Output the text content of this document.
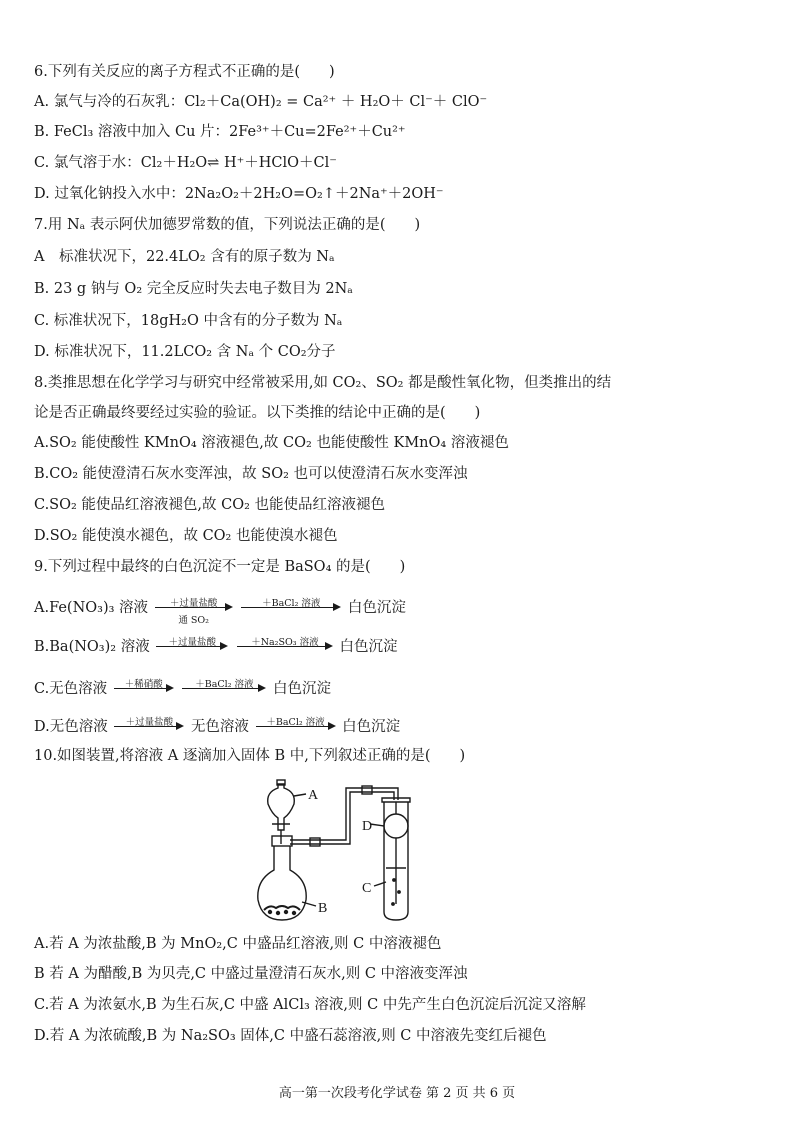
6.下列有关反应的离子方程式不正确的是(　　)
A. 氯气与冷的石灰乳：Cl₂＋Ca(OH)₂ = Ca²⁺ ＋ H₂O＋ Cl⁻＋ ClO⁻
B. FeCl₃ 溶液中加入 Cu 片：2Fe³⁺＋Cu=2Fe²⁺＋Cu²⁺
C. 氯气溶于水：Cl₂＋H₂O⇌ H⁺＋HClO＋Cl⁻
D. 过氧化钠投入水中：2Na₂O₂＋2H₂O=O₂↑＋2Na⁺＋2OH⁻
7.用 Nₐ 表示阿伏加德罗常数的值，下列说法正确的是(　　)
A　标准状况下，22.4LO₂ 含有的原子数为 Nₐ
B. 23 g 钠与 O₂ 完全反应时失去电子数目为 2Nₐ
C. 标准状况下，18gH₂O 中含有的分子数为 Nₐ
D. 标准状况下，11.2LCO₂ 含 Nₐ 个 CO₂分子
8.类推思想在化学学习与研究中经常被采用,如 CO₂、SO₂ 都是酸性氧化物，但类推出的结
论是否正确最终要经过实验的验证。以下类推的结论中正确的是(　　)
A.SO₂ 能使酸性 KMnO₄ 溶液褪色,故 CO₂ 也能使酸性 KMnO₄ 溶液褪色
B.CO₂ 能使澄清石灰水变浑浊，故 SO₂ 也可以使澄清石灰水变浑浊
C.SO₂ 能使品红溶液褪色,故 CO₂ 也能使品红溶液褪色
D.SO₂ 能使溴水褪色，故 CO₂ 也能使溴水褪色
9.下列过程中最终的白色沉淀不一定是 BaSO₄ 的是(　　)
A.Fe(NO₃)₃ 溶液	＋过量盐酸
通 SO₂

＋BaCl₂ 溶液	白色沉淀
B.Ba(NO₃)₂ 溶液	＋过量盐酸
	＋Na₂SO₃ 溶液	白色沉淀
C.无色溶液	＋稀硝酸
	＋BaCl₂ 溶液	白色沉淀
D.无色溶液	＋过量盐酸	无色溶液	＋BaCl₂ 溶液	白色沉淀
10.如图装置,将溶液 A 逐滴加入固体 B 中,下列叙述正确的是(　　)
A
B
D
C
A.若 A 为浓盐酸,B 为 MnO₂,C 中盛品红溶液,则 C 中溶液褪色
B 若 A 为醋酸,B 为贝壳,C 中盛过量澄清石灰水,则 C 中溶液变浑浊
C.若 A 为浓氨水,B 为生石灰,C 中盛 AlCl₃ 溶液,则 C 中先产生白色沉淀后沉淀又溶解
D.若 A 为浓硫酸,B 为 Na₂SO₃ 固体,C 中盛石蕊溶液,则 C 中溶液先变红后褪色
高一第一次段考化学试卷 第 2 页 共 6 页
